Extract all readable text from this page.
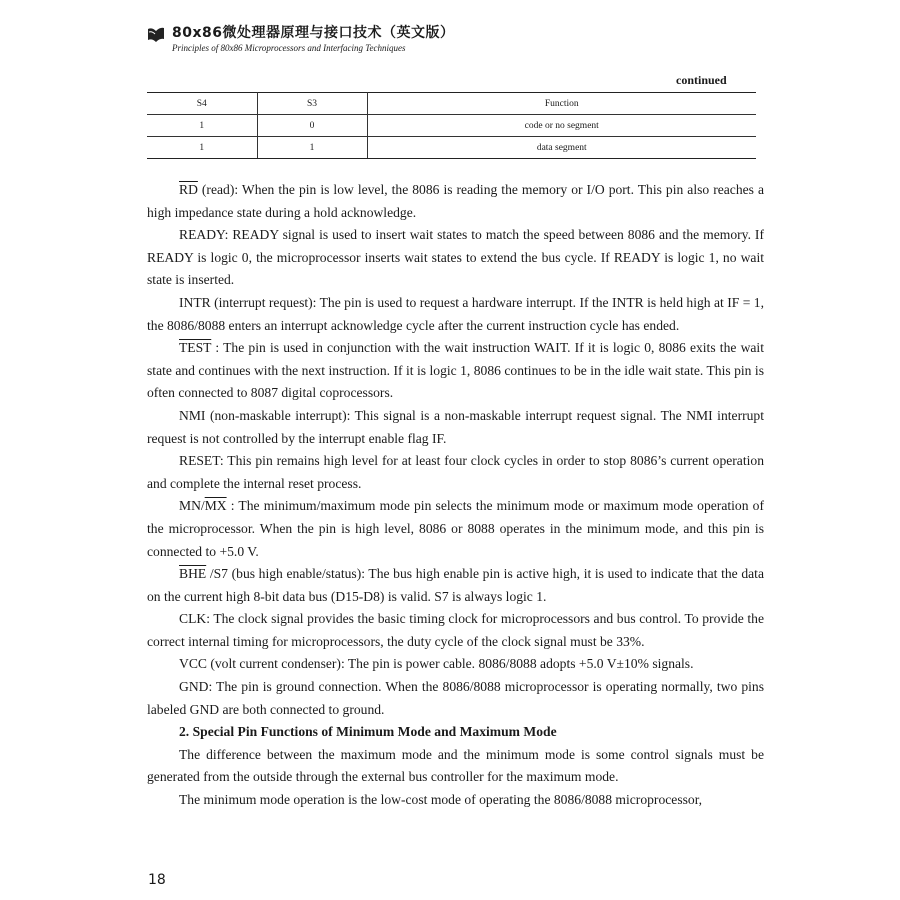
80x86微处理器原理与接口技术（英文版）
Principles of 80x86 Microprocessors and Interfacing Techniques
continued
S4	S3	Function
1	0	code or no segment
1	1	data segment

$\overline{RD}$ (read): When the pin is low level, the 8086 is reading the memory or I/O port. This pin also reaches a high impedance state during a hold acknowledge.

READY: READY signal is used to insert wait states to match the speed between 8086 and the memory. If READY is logic 0, the microprocessor inserts wait states to extend the bus cycle. If READY is logic 1, no wait state is inserted.

INTR (interrupt request): The pin is used to request a hardware interrupt. If the INTR is held high at IF = 1, the 8086/8088 enters an interrupt acknowledge cycle after the current instruction cycle has ended.

TEST : The pin is used in conjunction with the wait instruction WAIT. If it is logic 0, 8086 exits the wait state and continues with the next instruction. If it is logic 1, 8086 continues to be in the idle wait state. This pin is often connected to 8087 digital coprocessors.

NMI (non-maskable interrupt): This signal is a non-maskable interrupt request signal. The NMI interrupt request is not controlled by the interrupt enable flag IF.

RESET: This pin remains high level for at least four clock cycles in order to stop 8086’s current operation and complete the internal reset process.

$MN/\overline{MX}$ : The minimum/maximum mode pin selects the minimum mode or maximum mode operation of the microprocessor. When the pin is high level, 8086 or 8088 operates in the minimum mode, and this pin is connected to +5.0 V.

$\overline{BHE}$ /S7 (bus high enable/status): The bus high enable pin is active high, it is used to indicate that the data on the current high 8-bit data bus (D15-D8) is valid. S7 is always logic 1.

CLK: The clock signal provides the basic timing clock for microprocessors and bus control. To provide the correct internal timing for microprocessors, the duty cycle of the clock signal must be 33%.

VCC (volt current condenser): The pin is power cable. 8086/8088 adopts +5.0 V±10% signals.

GND: The pin is ground connection. When the 8086/8088 microprocessor is operating normally, two pins labeled GND are both connected to ground.

2. Special Pin Functions of Minimum Mode and Maximum Mode

The difference between the maximum mode and the minimum mode is some control signals must be generated from the outside through the external bus controller for the maximum mode.

The minimum mode operation is the low-cost mode of operating the 8086/8088 microprocessor,

18
